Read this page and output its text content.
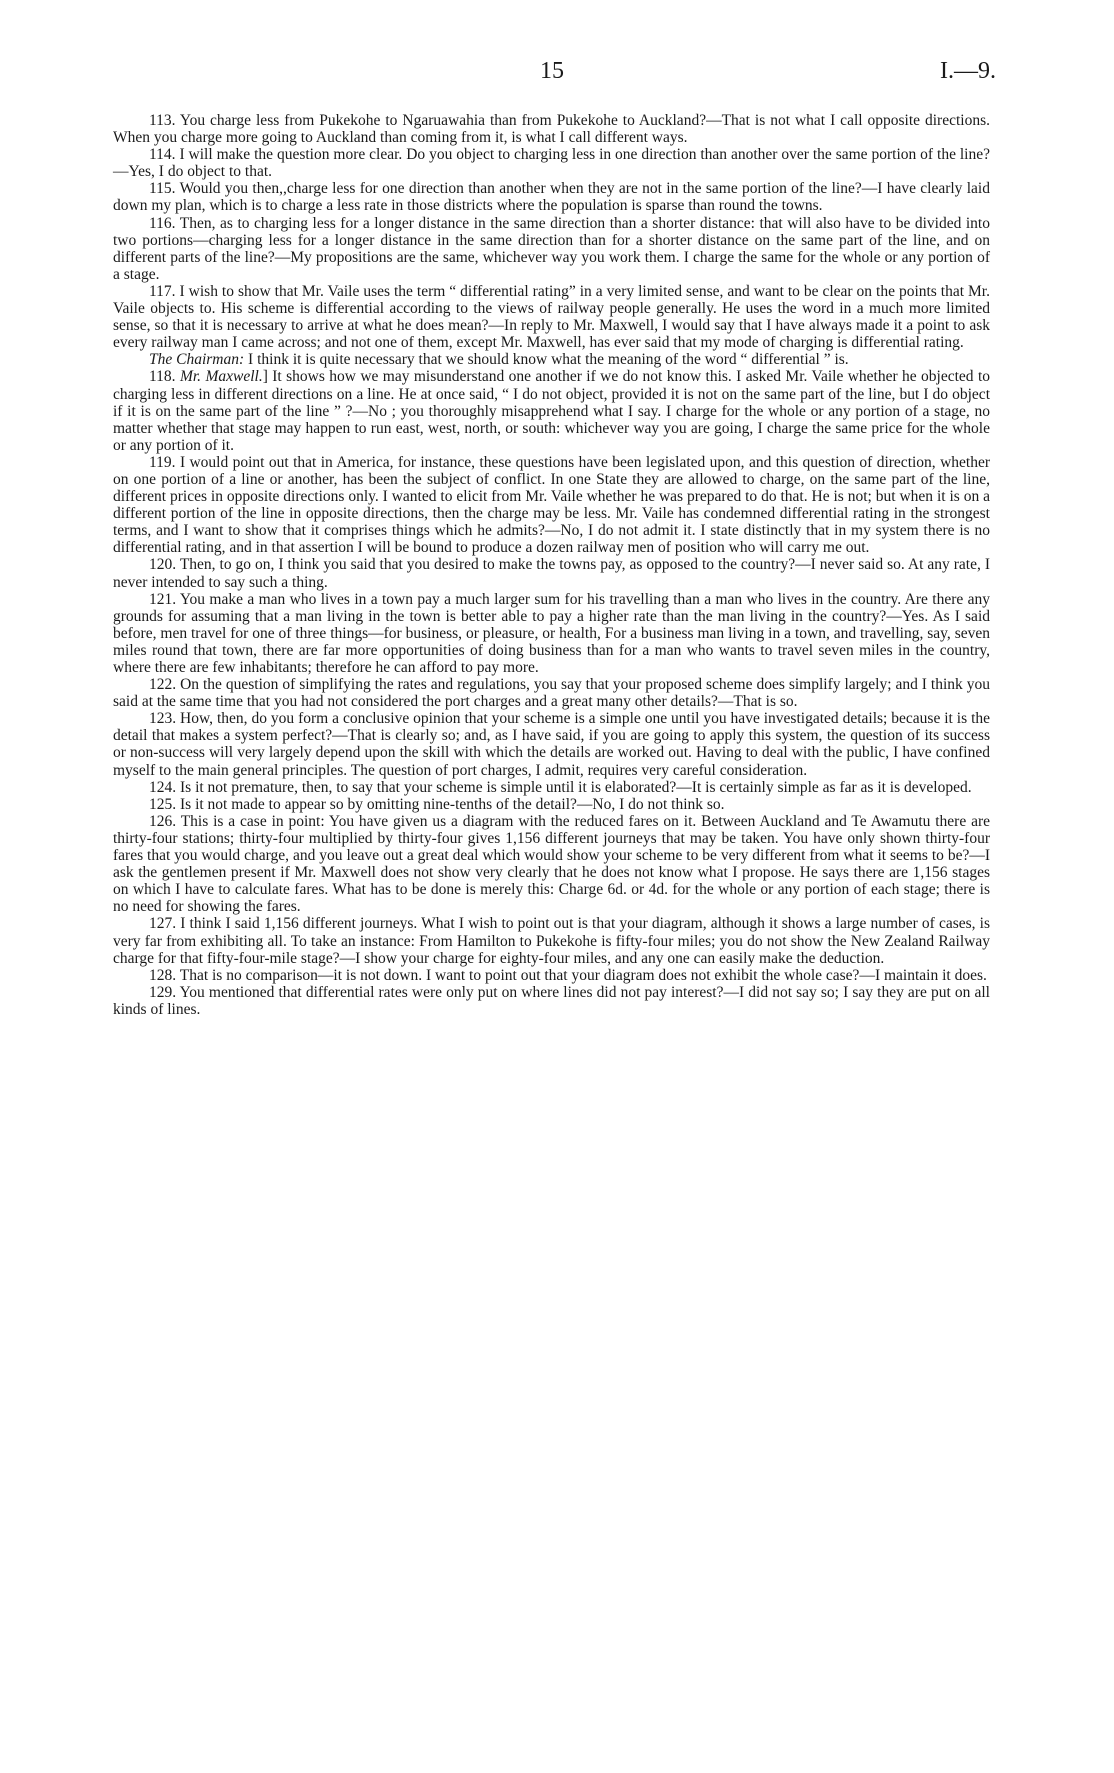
15	I.—9.

113. You charge less from Pukekohe to Ngaruawahia than from Pukekohe to Auckland?—That is not what I call opposite directions. When you charge more going to Auckland than coming from it, is what I call different ways.

114. I will make the question more clear. Do you object to charging less in one direction than another over the same portion of the line?—Yes, I do object to that.

115. Would you then,,charge less for one direction than another when they are not in the same portion of the line?—I have clearly laid down my plan, which is to charge a less rate in those districts where the population is sparse than round the towns.

116. Then, as to charging less for a longer distance in the same direction than a shorter distance: that will also have to be divided into two portions—charging less for a longer distance in the same direction than for a shorter distance on the same part of the line, and on different parts of the line?—My propositions are the same, whichever way you work them. I charge the same for the whole or any portion of a stage.

117. I wish to show that Mr. Vaile uses the term “ differential rating” in a very limited sense, and want to be clear on the points that Mr. Vaile objects to. His scheme is differential according to the views of railway people generally. He uses the word in a much more limited sense, so that it is necessary to arrive at what he does mean?—In reply to Mr. Maxwell, I would say that I have always made it a point to ask every railway man I came across; and not one of them, except Mr. Maxwell, has ever said that my mode of charging is differential rating.

The Chairman: I think it is quite necessary that we should know what the meaning of the word “ differential ” is.

118. Mr. Maxwell.] It shows how we may misunderstand one another if we do not know this. I asked Mr. Vaile whether he objected to charging less in different directions on a line. He at once said, “ I do not object, provided it is not on the same part of the line, but I do object if it is on the same part of the line ” ?—No ; you thoroughly misapprehend what I say. I charge for the whole or any portion of a stage, no matter whether that stage may happen to run east, west, north, or south: whichever way you are going, I charge the same price for the whole or any portion of it.

119. I would point out that in America, for instance, these questions have been legislated upon, and this question of direction, whether on one portion of a line or another, has been the subject of conflict. In one State they are allowed to charge, on the same part of the line, different prices in opposite directions only. I wanted to elicit from Mr. Vaile whether he was prepared to do that. He is not; but when it is on a different portion of the line in opposite directions, then the charge may be less. Mr. Vaile has condemned differential rating in the strongest terms, and I want to show that it comprises things which he admits?—No, I do not admit it. I state distinctly that in my system there is no differential rating, and in that assertion I will be bound to produce a dozen railway men of position who will carry me out.

120. Then, to go on, I think you said that you desired to make the towns pay, as opposed to the country?—I never said so. At any rate, I never intended to say such a thing.

121. You make a man who lives in a town pay a much larger sum for his travelling than a man who lives in the country. Are there any grounds for assuming that a man living in the town is better able to pay a higher rate than the man living in the country?—Yes. As I said before, men travel for one of three things—for business, or pleasure, or health, For a business man living in a town, and travelling, say, seven miles round that town, there are far more opportunities of doing business than for a man who wants to travel seven miles in the country, where there are few inhabitants; therefore he can afford to pay more.

122. On the question of simplifying the rates and regulations, you say that your proposed scheme does simplify largely; and I think you said at the same time that you had not considered the port charges and a great many other details?—That is so.

123. How, then, do you form a conclusive opinion that your scheme is a simple one until you have investigated details; because it is the detail that makes a system perfect?—That is clearly so; and, as I have said, if you are going to apply this system, the question of its success or non-success will very largely depend upon the skill with which the details are worked out. Having to deal with the public, I have confined myself to the main general principles. The question of port charges, I admit, requires very careful consideration.

124. Is it not premature, then, to say that your scheme is simple until it is elaborated?—It is certainly simple as far as it is developed.

125. Is it not made to appear so by omitting nine-tenths of the detail?—No, I do not think so.

126. This is a case in point: You have given us a diagram with the reduced fares on it. Between Auckland and Te Awamutu there are thirty-four stations; thirty-four multiplied by thirty-four gives 1,156 different journeys that may be taken. You have only shown thirty-four fares that you would charge, and you leave out a great deal which would show your scheme to be very different from what it seems to be?—I ask the gentlemen present if Mr. Maxwell does not show very clearly that he does not know what I propose. He says there are 1,156 stages on which I have to calculate fares. What has to be done is merely this: Charge 6d. or 4d. for the whole or any portion of each stage; there is no need for showing the fares.

127. I think I said 1,156 different journeys. What I wish to point out is that your diagram, although it shows a large number of cases, is very far from exhibiting all. To take an instance: From Hamilton to Pukekohe is fifty-four miles; you do not show the New Zealand Railway charge for that fifty-four-mile stage?—I show your charge for eighty-four miles, and any one can easily make the deduction.

128. That is no comparison—it is not down. I want to point out that your diagram does not exhibit the whole case?—I maintain it does.

129. You mentioned that differential rates were only put on where lines did not pay interest?—I did not say so; I say they are put on all kinds of lines.
